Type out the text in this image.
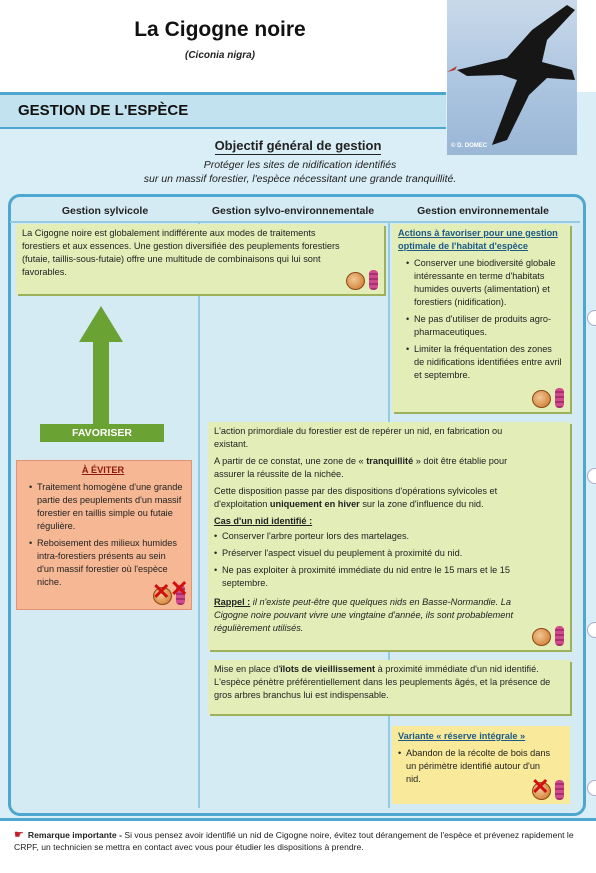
La Cigogne noire
(Ciconia nigra)
© D. DOMEC
GESTION DE L'ESPÈCE
Objectif général de gestion
Protéger les sites de nidification identifiés
sur un massif forestier, l'espèce nécessitant une grande tranquillité.
Gestion sylvicole	Gestion sylvo-environnementale	Gestion environnementale

La Cigogne noire est globalement indifférente aux modes de traitements forestiers et aux essences. Une gestion diversifiée des peuplements forestiers (futaie, taillis-sous-futaie) offre une multitude de combinaisons qui lui sont favorables.

Actions à favoriser pour une gestion optimale de l'habitat d'espèce

• Conserver une biodiversité globale intéressante en terme d'habitats humides ouverts (alimentation) et forestiers (nidification).
• Ne pas d'utiliser de produits agro-pharmaceutiques.
• Limiter la fréquentation des zones de nidifications identifiées entre avril et septembre.
FAVORISER

À ÉVITER

• Traitement homogène d'une grande partie des peuplements d'un massif forestier en taillis simple ou futaie régulière.
• Reboisement des milieux humides intra-forestiers présents au sein d'un massif forestier où l'espèce niche.	✕ ✕

L'action primordiale du forestier est de repérer un nid, en fabrication ou existant.

A partir de ce constat, une zone de « tranquillité » doit être établie pour assurer la réussite de la nichée.

Cette disposition passe par des dispositions d'opérations sylvicoles et d'exploitation uniquement en hiver sur la zone d'influence du nid.

Cas d'un nid identifié :

• Conserver l'arbre porteur lors des martelages.
• Préserver l'aspect visuel du peuplement à proximité du nid.
• Ne pas exploiter à proximité immédiate du nid entre le 15 mars et le 15 septembre.

Rappel : il n'existe peut-être que quelques nids en Basse-Normandie. La Cigogne noire pouvant vivre une vingtaine d'année, ils sont probablement régulièrement utilisés.

Mise en place d'îlots de vieillissement à proximité immédiate d'un nid identifié. L'espèce pénètre préférentiellement dans les peuplements âgés, et la présence de gros arbres branchus lui est indispensable.

Variante « réserve intégrale »

• Abandon de la récolte de bois dans un périmètre identifié autour d'un nid.	✕
☛ Remarque importante - Si vous pensez avoir identifié un nid de Cigogne noire, évitez tout dérangement de l'espèce et prévenez rapidement le CRPF, un technicien se mettra en contact avec vous pour étudier les dispositions à prendre.
